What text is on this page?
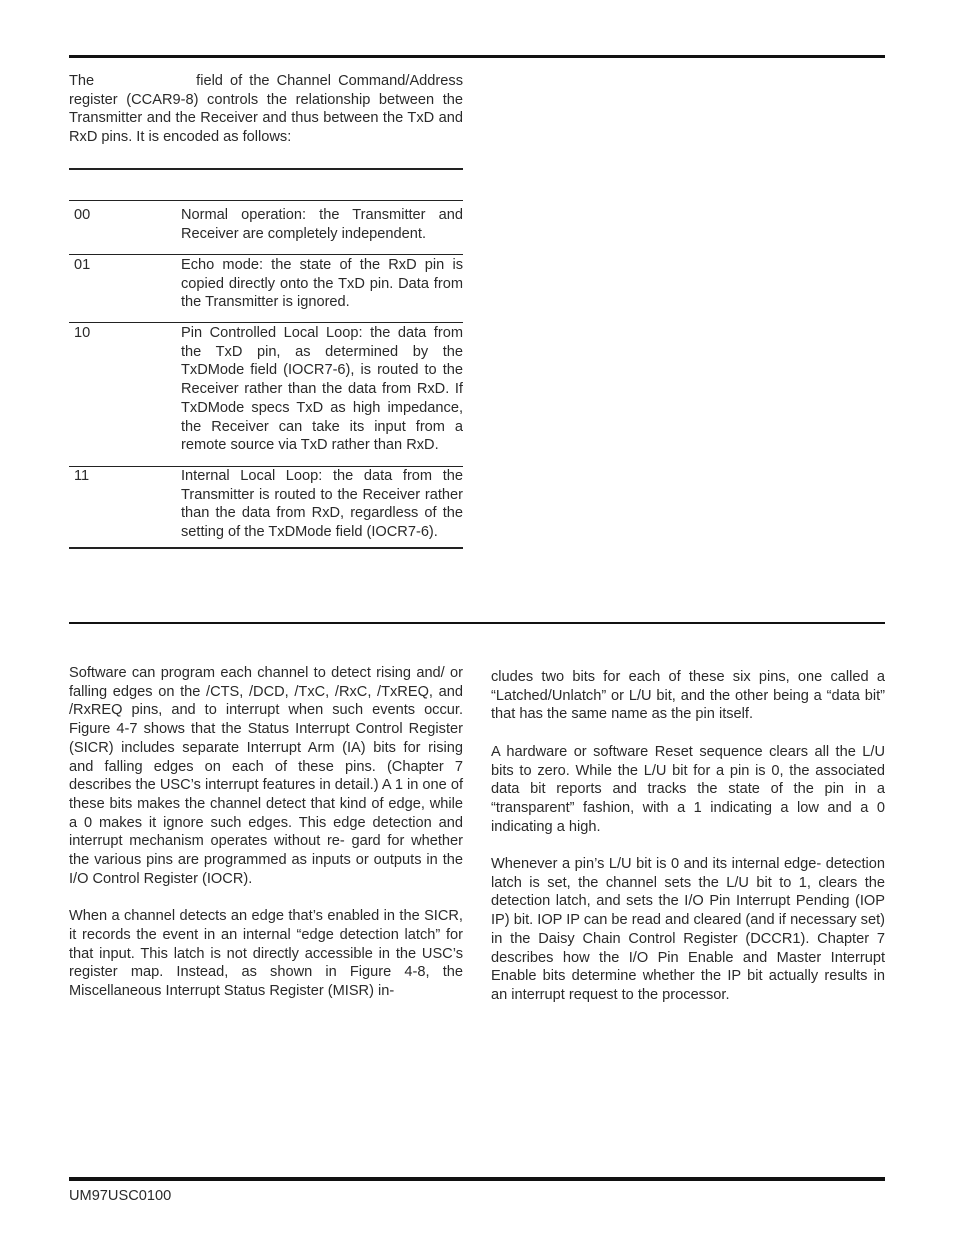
The	field of the Channel Command/Address register (CCAR9-8) controls the relationship between the Transmitter and the Receiver and thus between the TxD and RxD pins. It is encoded as follows:
00	Normal operation: the Transmitter and Receiver are completely independent.
01	Echo mode: the state of the RxD pin is copied directly onto the TxD pin. Data from the Transmitter is ignored.
10	Pin Controlled Local Loop: the data from the TxD pin, as determined by the TxDMode field (IOCR7-6), is routed to the Receiver rather than the data from RxD. If TxDMode specs TxD as high impedance, the Receiver can take its input from a remote source via TxD rather than RxD.
11	Internal Local Loop: the data from the Transmitter is routed to the Receiver rather than the data from RxD, regardless of the setting of the TxDMode field (IOCR7-6).

Software can program each channel to detect rising and/ or falling edges on the /CTS, /DCD, /TxC, /RxC, /TxREQ, and /RxREQ pins, and to interrupt when such events occur. Figure 4-7 shows that the Status Interrupt Control Register (SICR) includes separate Interrupt Arm (IA) bits for rising and falling edges on each of these pins. (Chapter 7 describes the USC’s interrupt features in detail.) A 1 in one of these bits makes the channel detect that kind of edge, while a 0 makes it ignore such edges. This edge detection and interrupt mechanism operates without re- gard for whether the various pins are programmed as inputs or outputs in the I/O Control Register (IOCR).

When a channel detects an edge that’s enabled in the SICR, it records the event in an internal “edge detection latch” for that input. This latch is not directly accessible in the USC’s register map. Instead, as shown in Figure 4-8, the Miscellaneous Interrupt Status Register (MISR) in-

cludes two bits for each of these six pins, one called a “Latched/Unlatch” or L/U bit, and the other being a “data bit” that has the same name as the pin itself.

A hardware or software Reset sequence clears all the L/U bits to zero. While the L/U bit for a pin is 0, the associated data bit reports and tracks the state of the pin in a “transparent” fashion, with a 1 indicating a low and a 0 indicating a high.

Whenever a pin’s L/U bit is 0 and its internal edge- detection latch is set, the channel sets the L/U bit to 1, clears the detection latch, and sets the I/O Pin Interrupt Pending (IOP IP) bit. IOP IP can be read and cleared (and if necessary set) in the Daisy Chain Control Register (DCCR1). Chapter 7 describes how the I/O Pin Enable and Master Interrupt Enable bits determine whether the IP bit actually results in an interrupt request to the processor.

UM97USC0100
